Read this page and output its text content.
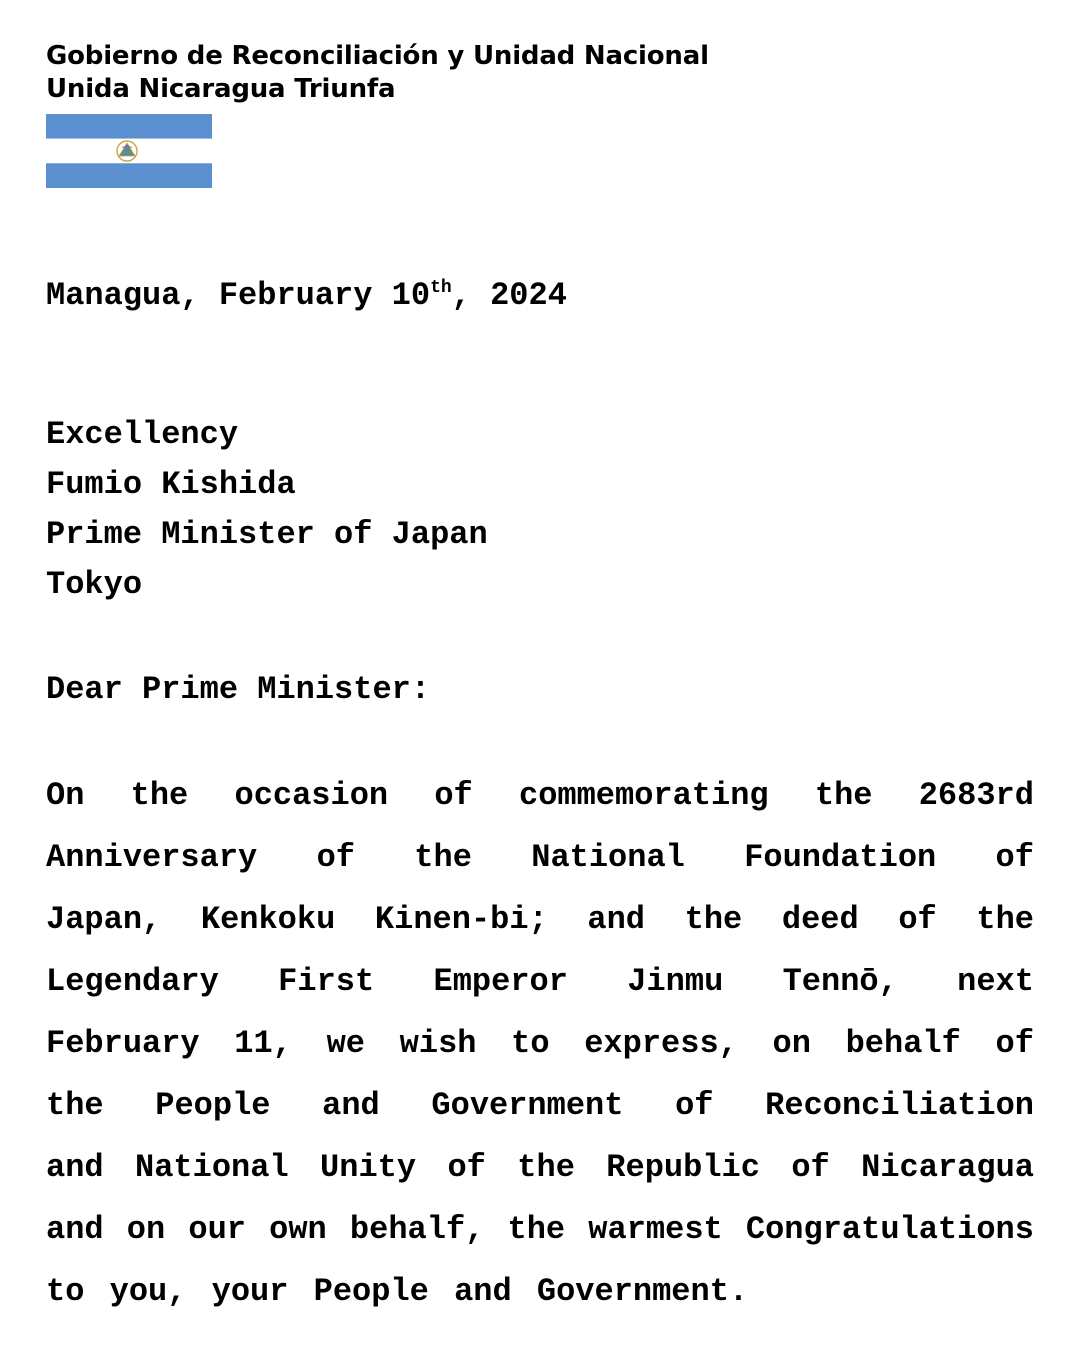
Gobierno de Reconciliación y Unidad Nacional
Unida Nicaragua Triunfa
Managua, February 10th, 2024
Excellency
Fumio Kishida
Prime Minister of Japan
Tokyo
Dear Prime Minister:
On the occasion of commemorating the 2683rd
Anniversary of the National Foundation of
Japan, Kenkoku Kinen-bi; and the deed of the
Legendary First Emperor Jinmu Tennō, next
February 11, we wish to express, on behalf of
the People and Government of Reconciliation
and National Unity of the Republic of Nicaragua
and on our own behalf, the warmest Congratulations
to you, your People and Government.
